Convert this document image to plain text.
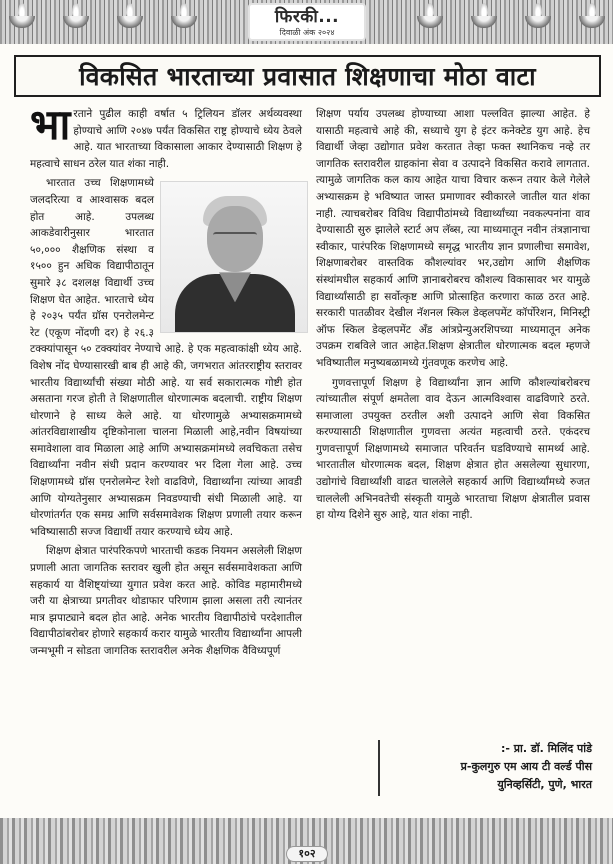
फिरकी...
दिवाळी अंक २०२४
विकसित भारताच्या प्रवासात शिक्षणाचा मोठा वाटा

भारताने पुढील काही वर्षात ५ ट्रिलियन डॉलर अर्थव्यवस्था होण्याचे आणि २०४७ पर्यंत विकसित राष्ट्र होण्याचे ध्येय ठेवले आहे. यात भारताच्या विकासाला आकार देण्यासाठी शिक्षण हे महत्वाचे साधन ठरेल यात शंका नाही.

भारतात उच्च शिक्षणामध्ये जलदरित्या व आश्वासक बदल होत आहे. उपलब्ध आकडेवारीनुसार भारतात ५०,००० शैक्षणिक संस्था व १५०० हुन अधिक विद्यापीठातून सुमारे ३८ दशलक्ष विद्यार्थी उच्च शिक्षण घेत आहेत. भारताचे ध्येय हे २०३५ पर्यंत ग्रॉस एनरोलमेन्ट रेट (एकूण नोंदणी दर) हे २६.३ टक्क्यांपासून ५० टक्क्यांवर नेण्याचे आहे. हे एक महत्वाकांक्षी ध्येय आहे. विशेष नोंद घेण्यासारखी बाब ही आहे की, जगभरात आंतरराष्ट्रीय स्तरावर भारतीय विद्यार्थ्यांची संख्या मोठी आहे. या सर्व सकारात्मक गोष्टी होत असताना गरज होती ते शिक्षणातील धोरणात्मक बदलाची. राष्ट्रीय शिक्षण धोरणाने हे साध्य केले आहे. या धोरणामुळे अभ्यासक्रमामध्ये आंतरविद्याशाखीय दृष्टिकोनाला चालना मिळाली आहे,नवीन विषयांच्या समावेशाला वाव मिळाला आहे आणि अभ्यासक्रमांमध्ये लवचिकता तसेच विद्यार्थ्यांना नवीन संधी प्रदान करण्यावर भर दिला गेला आहे. उच्च शिक्षणामध्ये ग्रॉस एनरोलमेन्ट रेशो वाढविणे, विद्यार्थ्यांना त्यांच्या आवडी आणि योग्यतेनुसार अभ्यासक्रम निवडण्याची संधी मिळाली आहे. या धोरणांतर्गत एक समग्र आणि सर्वसमावेशक शिक्षण प्रणाली तयार करून भविष्यासाठी सज्ज विद्यार्थी तयार करण्याचे ध्येय आहे.

शिक्षण क्षेत्रात पारंपरिकपणे भारताची कडक नियमन असलेली शिक्षण प्रणाली आता जागतिक स्तरावर खुली होत असून सर्वसमावेशकता आणि सहकार्य या वैशिष्ट्यांच्या युगात प्रवेश करत आहे. कोविड महामारीमध्ये जरी या क्षेत्राच्या प्रगतीवर थोडाफार परिणाम झाला असला तरी त्यानंतर मात्र झपाट्याने बदल होत आहे. अनेक भारतीय विद्यापीठांचे परदेशातील विद्यापीठांबरोबर होणारे सहकार्य करार यामुळे भारतीय विद्यार्थ्यांना आपली जन्मभूमी न सोडता जागतिक स्तरावरील अनेक शैक्षणिक वैविध्यपूर्ण

शिक्षण पर्याय उपलब्ध होण्याच्या आशा पल्लवित झाल्या आहेत. हे यासाठी महत्वाचे आहे की, सध्याचे युग हे इंटर कनेक्टेड युग आहे. हेच विद्यार्थी जेव्हा उद्योगात प्रवेश करतात तेव्हा फक्त स्थानिकच नव्हे तर जागतिक स्तरावरील ग्राहकांना सेवा व उत्पादने विकसित करावे लागतात. त्यामुळे जागतिक कल काय आहेत याचा विचार करून तयार केले गेलेले अभ्यासक्रम हे भविष्यात जास्त प्रमाणावर स्वीकारले जातील यात शंका नाही. त्याचबरोबर विविध विद्यापीठांमध्ये विद्यार्थ्यांच्या नवकल्पनांना वाव देण्यासाठी सुरु झालेले स्टार्ट अप लॅब्स, त्या माध्यमातून नवीन तंत्रज्ञानाचा स्वीकार, पारंपरिक शिक्षणामध्ये समृद्ध भारतीय ज्ञान प्रणालीचा समावेश, शिक्षणाबरोबर वास्तविक कौशल्यांवर भर,उद्योग आणि शैक्षणिक संस्थांमधील सहकार्य आणि ज्ञानाबरोबरच कौशल्य विकासावर भर यामुळे विद्यार्थ्यांसाठी हा सर्वोत्कृष्ट आणि प्रोत्साहित करणारा काळ ठरत आहे. सरकारी पातळीवर देखील नॅशनल स्किल डेव्हलपमेंट कॉर्पोरेशन, मिनिस्ट्री ऑफ स्किल डेव्हलपमेंट अँड आंत्रप्रेन्युअरशिपच्या माध्यमातून अनेक उपक्रम राबविले जात आहेत.शिक्षण क्षेत्रातील धोरणात्मक बदल म्हणजे भविष्यातील मनुष्यबळामध्ये गुंतवणूक करणेच आहे.

गुणवत्तापूर्ण शिक्षण हे विद्यार्थ्यांना ज्ञान आणि कौशल्यांबरोबरच त्यांच्यातील संपूर्ण क्षमतेला वाव देऊन आत्मविश्वास वाढविणारे ठरते. समाजाला उपयुक्त ठरतील अशी उत्पादने आणि सेवा विकसित करण्यासाठी शिक्षणातील गुणवत्ता अत्यंत महत्वाची ठरते. एकंदरच गुणवत्तापूर्ण शिक्षणामध्ये समाजात परिवर्तन घडविण्याचे सामर्थ्य आहे. भारतातील धोरणात्मक बदल, शिक्षण क्षेत्रात होत असलेल्या सुधारणा, उद्योगांचे विद्यार्थ्यांशी वाढत चाललेले सहकार्य आणि विद्यार्थ्यांमध्ये रुजत चाललेली अभिनवतेची संस्कृती यामुळे भारताचा शिक्षण क्षेत्रातील प्रवास हा योग्य दिशेने सुरु आहे, यात शंका नाही.

:- प्रा. डॉ. मिलिंद पांडे
प्र-कुलगुरु एम आय टी वर्ल्ड पीस
युनिव्हर्सिटी, पुणे, भारत
१०२
